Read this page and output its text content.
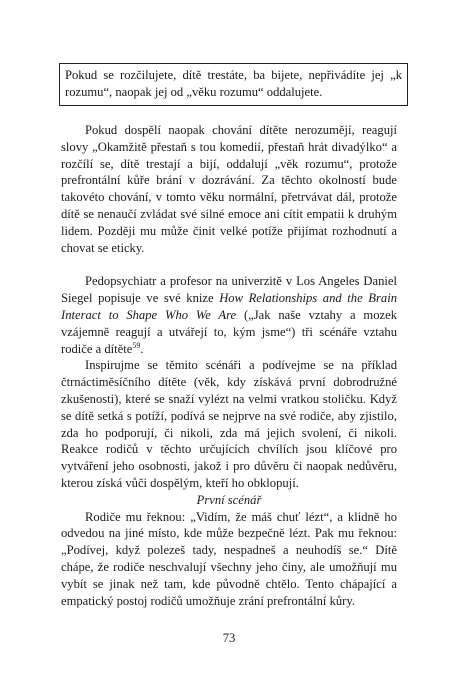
Pokud se rozčilujete, dítě trestáte, ba bijete, nepřivádíte jej „k rozumu“, naopak jej od „věku rozumu“ oddalujete.

Pokud dospělí naopak chování dítěte nerozumějí, reagují slovy „Okamžitě přestaň s tou komedií, přestaň hrát divadýlko“ a rozčílí se, dítě trestají a bijí, oddalují „věk rozumu“, protože prefrontální kůře brání v dozrávání. Za těchto okolností bude takovéto chování, v tomto věku normální, přetrvávat dál, protože dítě se nenaučí zvládat své silné emoce ani cítit empatii k druhým lidem. Později mu může činit velké potíže přijímat rozhodnutí a chovat se eticky.

Pedopsychiatr a profesor na univerzitě v Los Angeles Daniel Siegel popisuje ve své knize How Relationships and the Brain Interact to Shape Who We Are („Jak naše vztahy a mozek vzájemně reagují a utvářejí to, kým jsme“) tři scénáře vztahu rodiče a dítěte$^{59}$.

Inspirujme se těmito scénáři a podívejme se na příklad čtrnáctiměsíčního dítěte (věk, kdy získává první dobrodružné zkušenosti), které se snaží vylézt na velmi vratkou stoličku. Když se dítě setká s potíží, podívá se nejprve na své rodiče, aby zjistilo, zda ho podporují, či nikoli, zda má jejich svolení, či nikoli. Reakce rodičů v těchto určujících chvílích jsou klíčové pro vytváření jeho osobnosti, jakož i pro důvěru či naopak nedůvěru, kterou získá vůči dospělým, kteří ho obklopují.

První scénář

Rodiče mu řeknou: „Vidím, že máš chuť lézt“, a klidně ho odvedou na jiné místo, kde může bezpečně lézt. Pak mu řeknou: „Podívej, když polezeš tady, nespadneš a neuhodíš se.“ Dítě chápe, že rodiče neschvalují všechny jeho činy, ale umožňují mu vybít se jinak než tam, kde původně chtělo. Tento chápající a empatický postoj rodičů umožňuje zrání prefrontální kůry.

73
